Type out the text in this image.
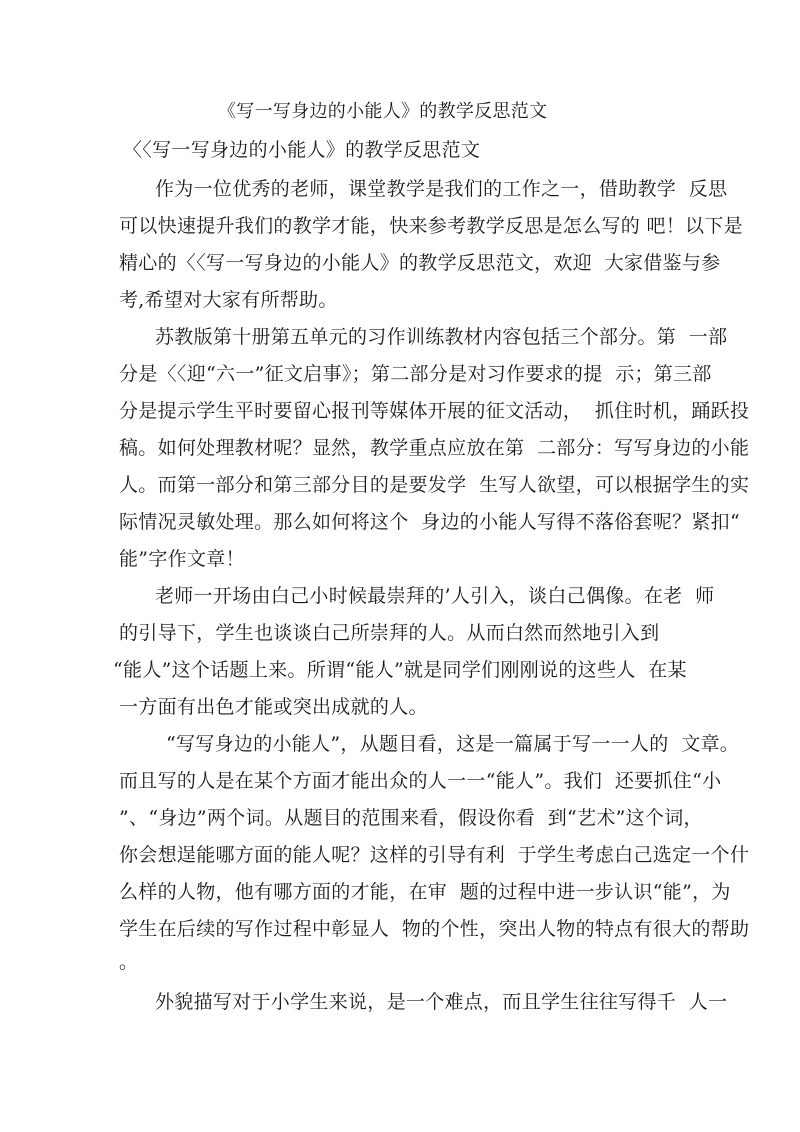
《写一写身边的小能人》的教学反思范文
〈〈写一写身边的小能人》的教学反思范文
作为一位优秀的老师，课堂教学是我们的工作之一，借助教学  反思
可以快速提升我们的教学才能，快来参考教学反思是怎么写的 吧！以下是
精心的〈〈写一写身边的小能人》的教学反思范文，欢迎  大家借鉴与参
考,希望对大家有所帮助。
苏教版第十册第五单元的习作训练教材内容包括三个部分。第  一部
分是〈〈迎“六一”征文启事》；第二部分是对习作要求的提  示；第三部
分是提示学生平时要留心报刊等媒体开展的征文活动，  抓住时机，踊跃投
稿。如何处理教材呢？显然，教学重点应放在第  二部分：写写身边的小能
人。而第一部分和第三部分目的是要发学  生写人欲望，可以根据学生的实
际情况灵敏处理。那么如何将这个  身边的小能人写得不落俗套呢？紧扣“
能”字作文章！
老师一开场由白己小时候最崇拜的’人引入，谈白己偶像。在老  师
的引导下，学生也谈谈白己所崇拜的人。从而白然而然地引入到
“能人”这个话题上来。所谓“能人”就是同学们刚刚说的这些人  在某
一方面有出色才能或突出成就的人。
“写写身边的小能人”，从题目看，这是一篇属于写一一人的  文章。
而且写的人是在某个方面才能出众的人一一“能人”。我们  还要抓住“小
”、“身边”两个词。从题目的范围来看，假设你看  到“艺术”这个词，
你会想逞能哪方面的能人呢？这样的引导有利  于学生考虑白己选定一个什
么样的人物，他有哪方面的才能，在审  题的过程中进一步认识“能”，为
学生在后续的写作过程中彰显人  物的个性，突出人物的特点有很大的帮助
。
外貌描写对于小学生来说，是一个难点，而且学生往往写得千  人一
